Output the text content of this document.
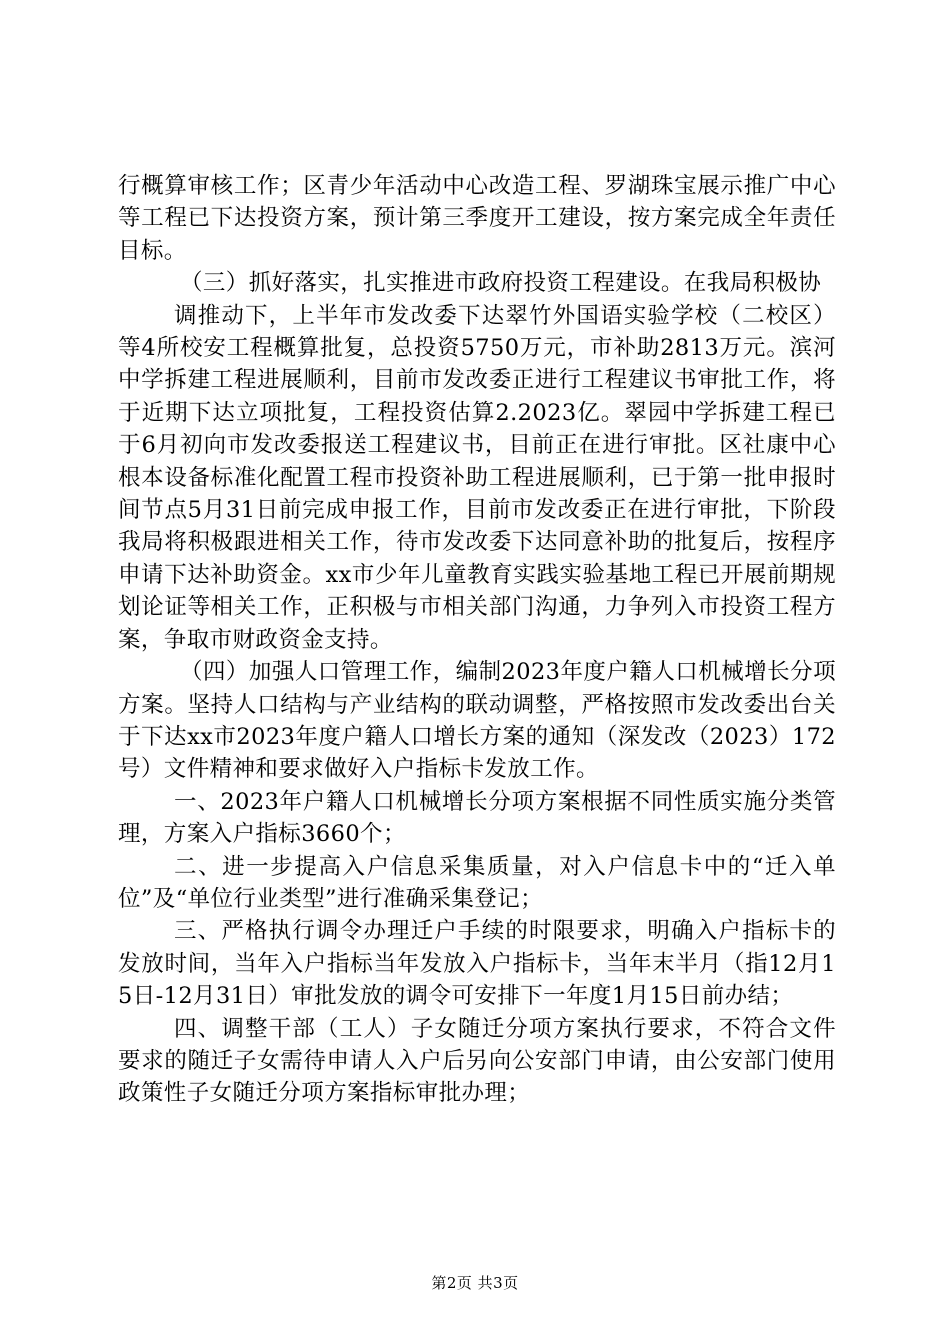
行概算审核工作；区青少年活动中心改造工程、罗湖珠宝展示推广中心等工程已下达投资方案，预计第三季度开工建设，按方案完成全年责任目标。

（三）抓好落实，扎实推进市政府投资工程建设。在我局积极协

调推动下，上半年市发改委下达翠竹外国语实验学校（二校区）等4所校安工程概算批复，总投资5750万元，市补助2813万元。滨河中学拆建工程进展顺利，目前市发改委正进行工程建议书审批工作，将于近期下达立项批复，工程投资估算2.2023亿。翠园中学拆建工程已于6月初向市发改委报送工程建议书，目前正在进行审批。区社康中心根本设备标准化配置工程市投资补助工程进展顺利，已于第一批申报时间节点5月31日前完成申报工作，目前市发改委正在进行审批，下阶段我局将积极跟进相关工作，待市发改委下达同意补助的批复后，按程序申请下达补助资金。xx市少年儿童教育实践实验基地工程已开展前期规划论证等相关工作，正积极与市相关部门沟通，力争列入市投资工程方案，争取市财政资金支持。

（四）加强人口管理工作，编制2023年度户籍人口机械增长分项方案。坚持人口结构与产业结构的联动调整，严格按照市发改委出台关于下达xx市2023年度户籍人口增长方案的通知（深发改（2023）172号）文件精神和要求做好入户指标卡发放工作。

一、2023年户籍人口机械增长分项方案根据不同性质实施分类管理，方案入户指标3660个；

二、进一步提高入户信息采集质量，对入户信息卡中的“迁入单位”及“单位行业类型”进行准确采集登记；

三、严格执行调令办理迁户手续的时限要求，明确入户指标卡的发放时间，当年入户指标当年发放入户指标卡，当年末半月（指12月15日-12月31日）审批发放的调令可安排下一年度1月15日前办结；

四、调整干部（工人）子女随迁分项方案执行要求，不符合文件要求的随迁子女需待申请人入户后另向公安部门申请，由公安部门使用政策性子女随迁分项方案指标审批办理；

第2页 共3页
